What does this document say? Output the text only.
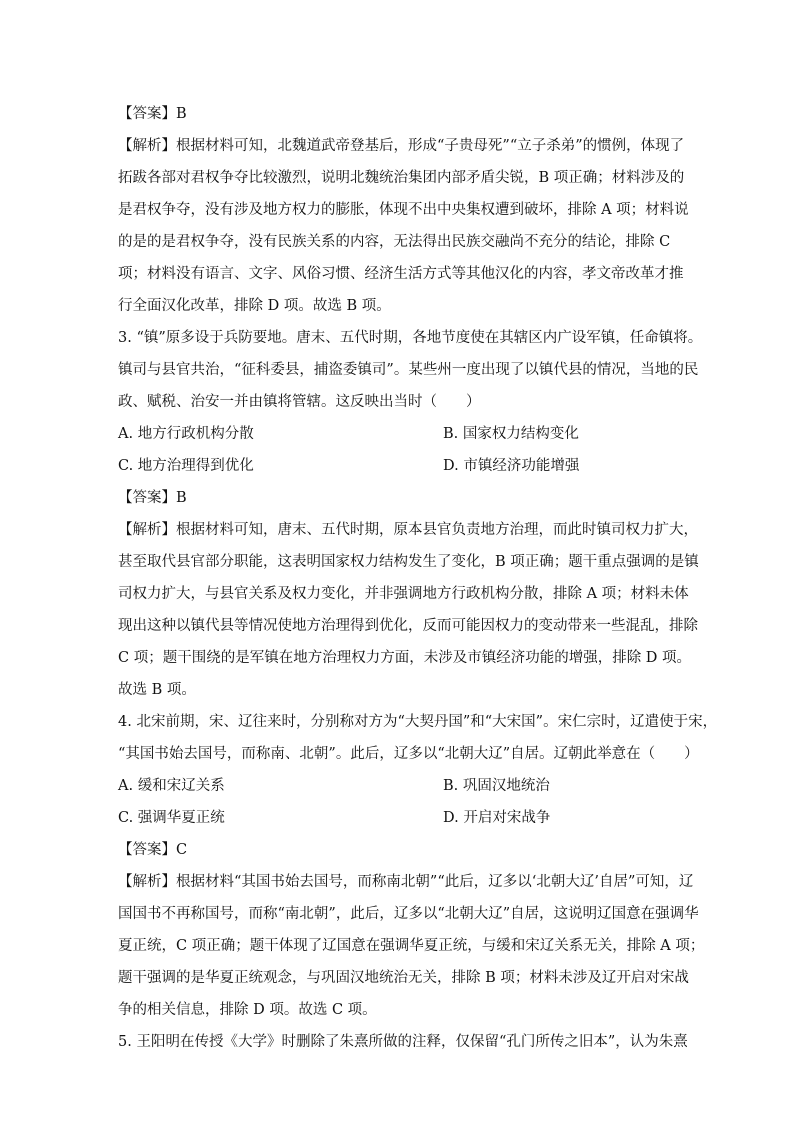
【答案】B
【解析】根据材料可知，北魏道武帝登基后，形成“子贵母死”“立子杀弟”的惯例，体现了
拓跋各部对君权争夺比较激烈，说明北魏统治集团内部矛盾尖锐，B 项正确；材料涉及的
是君权争夺，没有涉及地方权力的膨胀，体现不出中央集权遭到破坏，排除 A 项；材料说
的是的是君权争夺，没有民族关系的内容，无法得出民族交融尚不充分的结论，排除 C
项；材料没有语言、文字、风俗习惯、经济生活方式等其他汉化的内容，孝文帝改革才推
行全面汉化改革，排除 D 项。故选 B 项。
3. “镇”原多设于兵防要地。唐末、五代时期，各地节度使在其辖区内广设军镇，任命镇将。
镇司与县官共治，“征科委县，捕盗委镇司”。某些州一度出现了以镇代县的情况，当地的民
政、赋税、治安一并由镇将管辖。这反映出当时（　　）
A. 地方行政机构分散	B. 国家权力结构变化
C. 地方治理得到优化	D. 市镇经济功能增强
【答案】B
【解析】根据材料可知，唐末、五代时期，原本县官负责地方治理，而此时镇司权力扩大，
甚至取代县官部分职能，这表明国家权力结构发生了变化，B 项正确；题干重点强调的是镇
司权力扩大，与县官关系及权力变化，并非强调地方行政机构分散，排除 A 项；材料未体
现出这种以镇代县等情况使地方治理得到优化，反而可能因权力的变动带来一些混乱，排除
C 项；题干围绕的是军镇在地方治理权力方面，未涉及市镇经济功能的增强，排除 D 项。
故选 B 项。
4. 北宋前期，宋、辽往来时，分别称对方为“大契丹国”和“大宋国”。宋仁宗时，辽遣使于宋，
“其国书始去国号，而称南、北朝”。此后，辽多以“北朝大辽”自居。辽朝此举意在（　　）
A. 缓和宋辽关系	B. 巩固汉地统治
C. 强调华夏正统	D. 开启对宋战争
【答案】C
【解析】根据材料“其国书始去国号，而称南北朝”“此后，辽多以‘北朝大辽’自居”可知，辽
国国书不再称国号，而称“南北朝”，此后，辽多以“北朝大辽”自居，这说明辽国意在强调华
夏正统，C 项正确；题干体现了辽国意在强调华夏正统，与缓和宋辽关系无关，排除 A 项；
题干强调的是华夏正统观念，与巩固汉地统治无关，排除 B 项；材料未涉及辽开启对宋战
争的相关信息，排除 D 项。故选 C 项。
5. 王阳明在传授《大学》时删除了朱熹所做的注释，仅保留“孔门所传之旧本”，认为朱熹
